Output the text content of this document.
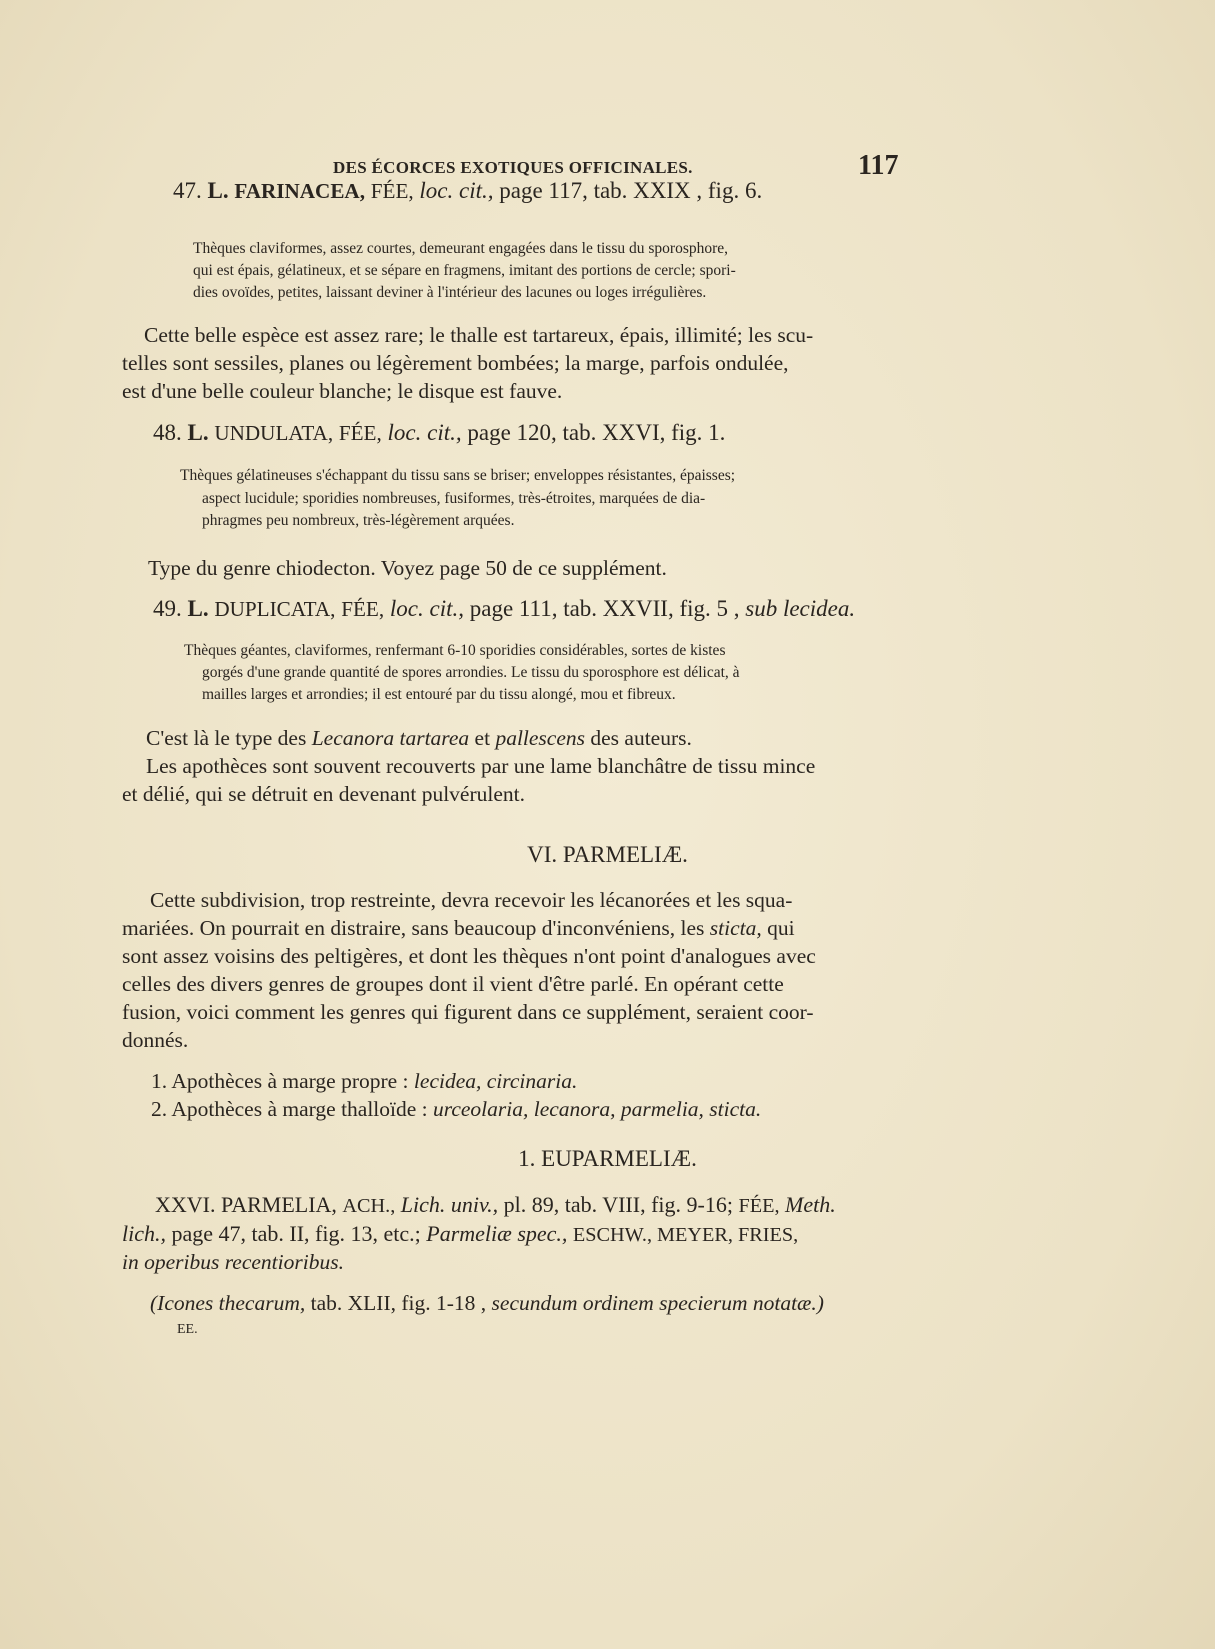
DES ÉCORCES EXOTIQUES OFFICINALES.	117
47. L. FARINACEA, FÉE, loc. cit., page 117, tab. XXIX , fig. 6.
Thèques claviformes, assez courtes, demeurant engagées dans le tissu du sporosphore,
qui est épais, gélatineux, et se sépare en fragmens, imitant des portions de cercle; spori-
dies ovoïdes, petites, laissant deviner à l'intérieur des lacunes ou loges irrégulières.
Cette belle espèce est assez rare; le thalle est tartareux, épais, illimité; les scu-
telles sont sessiles, planes ou légèrement bombées; la marge, parfois ondulée,
est d'une belle couleur blanche; le disque est fauve.
48. L. UNDULATA, FÉE, loc. cit., page 120, tab. XXVI, fig. 1.
Thèques gélatineuses s'échappant du tissu sans se briser; enveloppes résistantes, épaisses;
aspect lucidule; sporidies nombreuses, fusiformes, très-étroites, marquées de dia-
phragmes peu nombreux, très-légèrement arquées.
Type du genre chiodecton. Voyez page 50 de ce supplément.
49. L. DUPLICATA, FÉE, loc. cit., page 111, tab. XXVII, fig. 5 , sub lecidea.
Thèques géantes, claviformes, renfermant 6-10 sporidies considérables, sortes de kistes
gorgés d'une grande quantité de spores arrondies. Le tissu du sporosphore est délicat, à
mailles larges et arrondies; il est entouré par du tissu alongé, mou et fibreux.
C'est là le type des Lecanora tartarea et pallescens des auteurs.
Les apothèces sont souvent recouverts par une lame blanchâtre de tissu mince
et délié, qui se détruit en devenant pulvérulent.
VI. PARMELIÆ.
Cette subdivision, trop restreinte, devra recevoir les lécanorées et les squa-
mariées. On pourrait en distraire, sans beaucoup d'inconvéniens, les sticta, qui
sont assez voisins des peltigères, et dont les thèques n'ont point d'analogues avec
celles des divers genres de groupes dont il vient d'être parlé. En opérant cette
fusion, voici comment les genres qui figurent dans ce supplément, seraient coor-
donnés.
1. Apothèces à marge propre : lecidea, circinaria.
2. Apothèces à marge thalloïde : urceolaria, lecanora, parmelia, sticta.
1. EUPARMELIÆ.
XXVI. PARMELIA, ACH., Lich. univ., pl. 89, tab. VIII, fig. 9-16; FÉE, Meth.
lich., page 47, tab. II, fig. 13, etc.; Parmeliæ spec., ESCHW., MEYER, FRIES,
in operibus recentioribus.
(Icones thecarum, tab. XLII, fig. 1-18 , secundum ordinem specierum notatæ.)
EE.
